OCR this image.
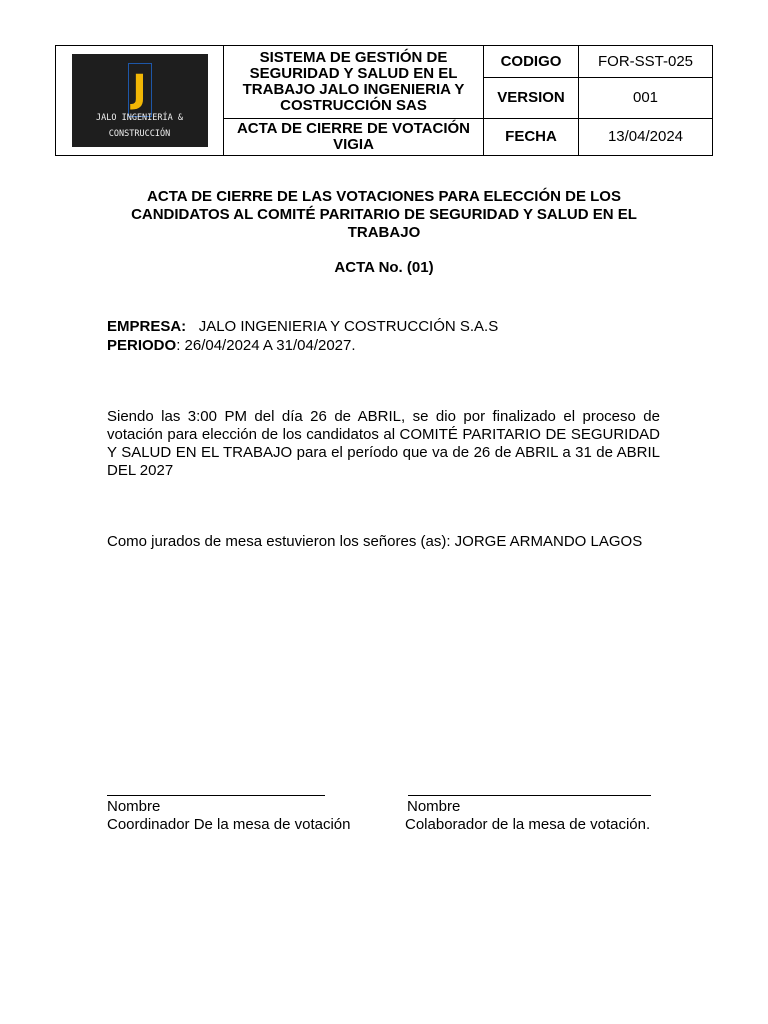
J
JALO INGENIERÍA & CONSTRUCCIÓN	SISTEMA DE GESTIÓN DE SEGURIDAD Y SALUD EN EL TRABAJO JALO INGENIERIA Y COSTRUCCIÓN SAS	CODIGO	FOR-SST-025
		VERSION	001
	ACTA DE CIERRE DE VOTACIÓN VIGIA	FECHA	13/04/2024
ACTA DE CIERRE DE LAS VOTACIONES PARA ELECCIÓN DE LOS CANDIDATOS AL COMITÉ PARITARIO DE SEGURIDAD Y SALUD EN EL TRABAJO
ACTA No. (01)
EMPRESA: JALO INGENIERIA Y COSTRUCCIÓN S.A.S
PERIODO: 26/04/2024 A 31/04/2027.
Siendo las 3:00 PM del día 26 de ABRIL, se dio por finalizado el proceso de votación para elección de los candidatos al COMITÉ PARITARIO DE SEGURIDAD Y SALUD EN EL TRABAJO para el período que va de 26 de ABRIL a 31 de ABRIL DEL 2027
Como jurados de mesa estuvieron los señores (as): JORGE ARMANDO LAGOS
Nombre
Coordinador De la mesa de votación
Nombre
Colaborador de la mesa de votación.
